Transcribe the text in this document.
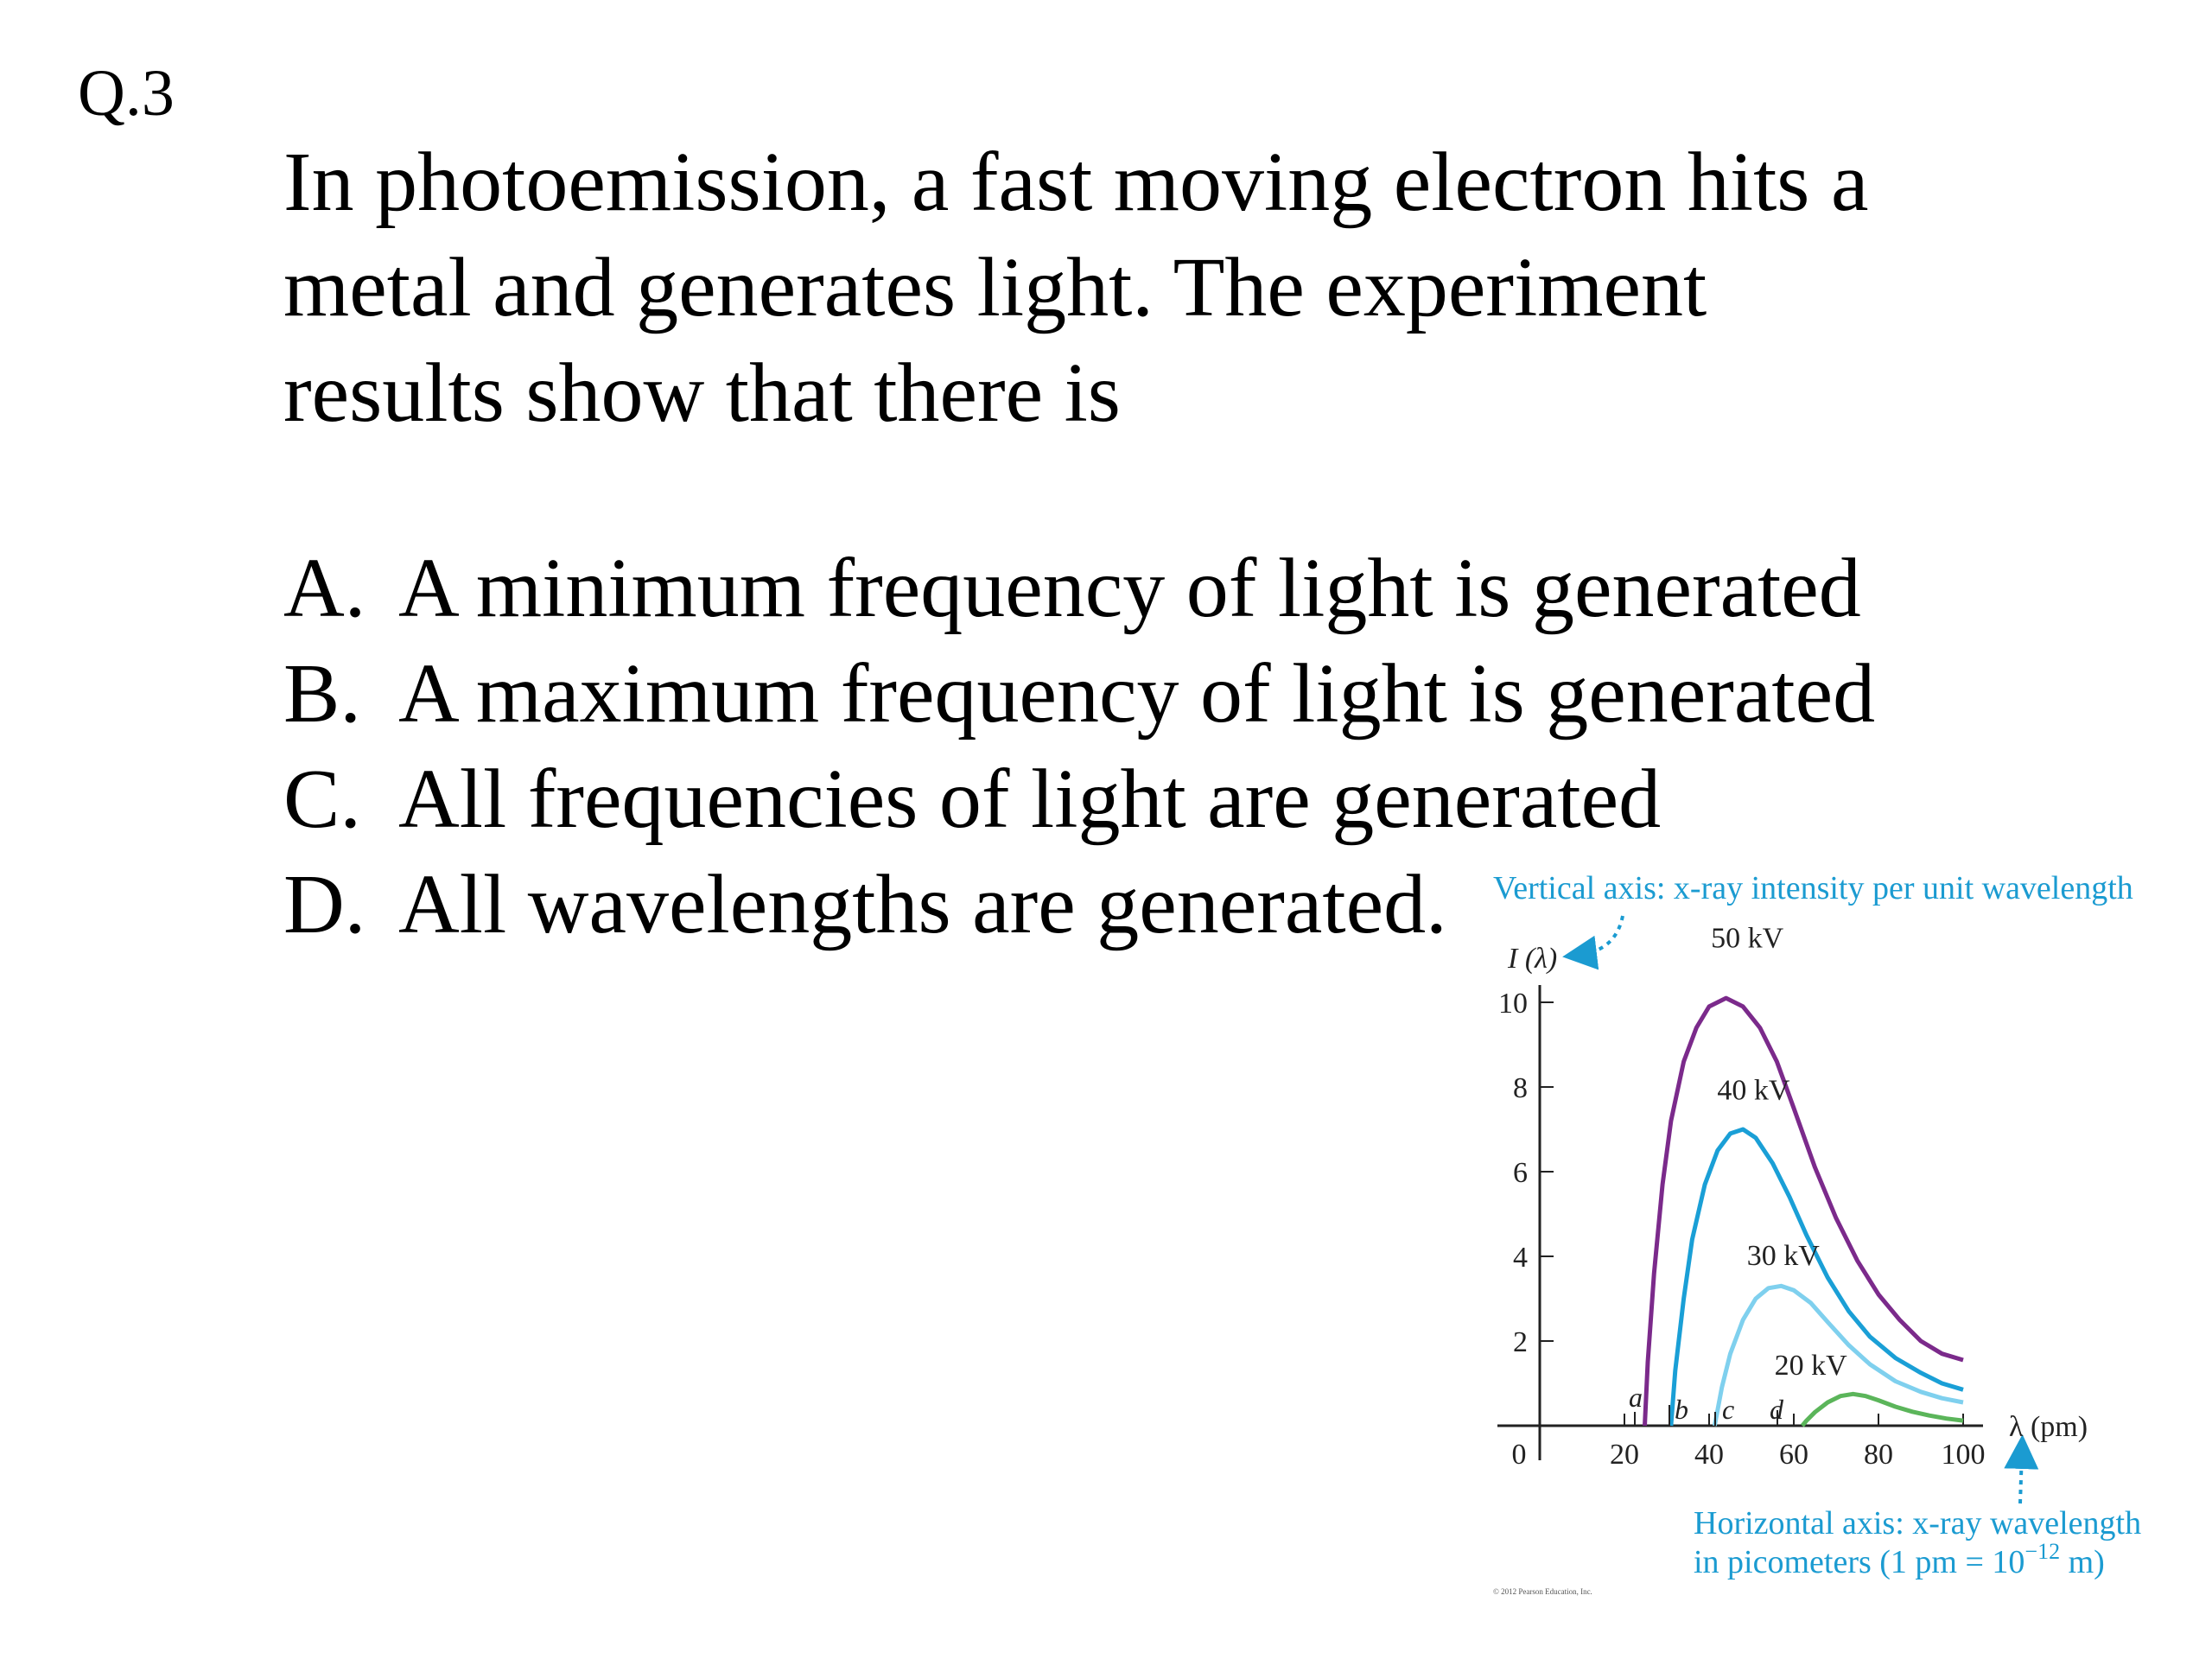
Q.3
In photoemission, a fast moving electron hits a
metal and generates light. The experiment
results show that there is
A. A minimum frequency of light is generated
B. A maximum frequency of light is generated
C. All frequencies of light are generated
D. All wavelengths are generated.	Vertical axis: x-ray intensity per unit wavelength
Horizontal axis: x-ray wavelength
in picometers (1 pm = $10^{-12}$ m)
I (λ)
λ (pm)
0	20 40 60 80 100
10
8
6
4
2
50 kV
40 kV
30 kV
20 kV
a b c d
© 2012 Pearson Education, Inc.
